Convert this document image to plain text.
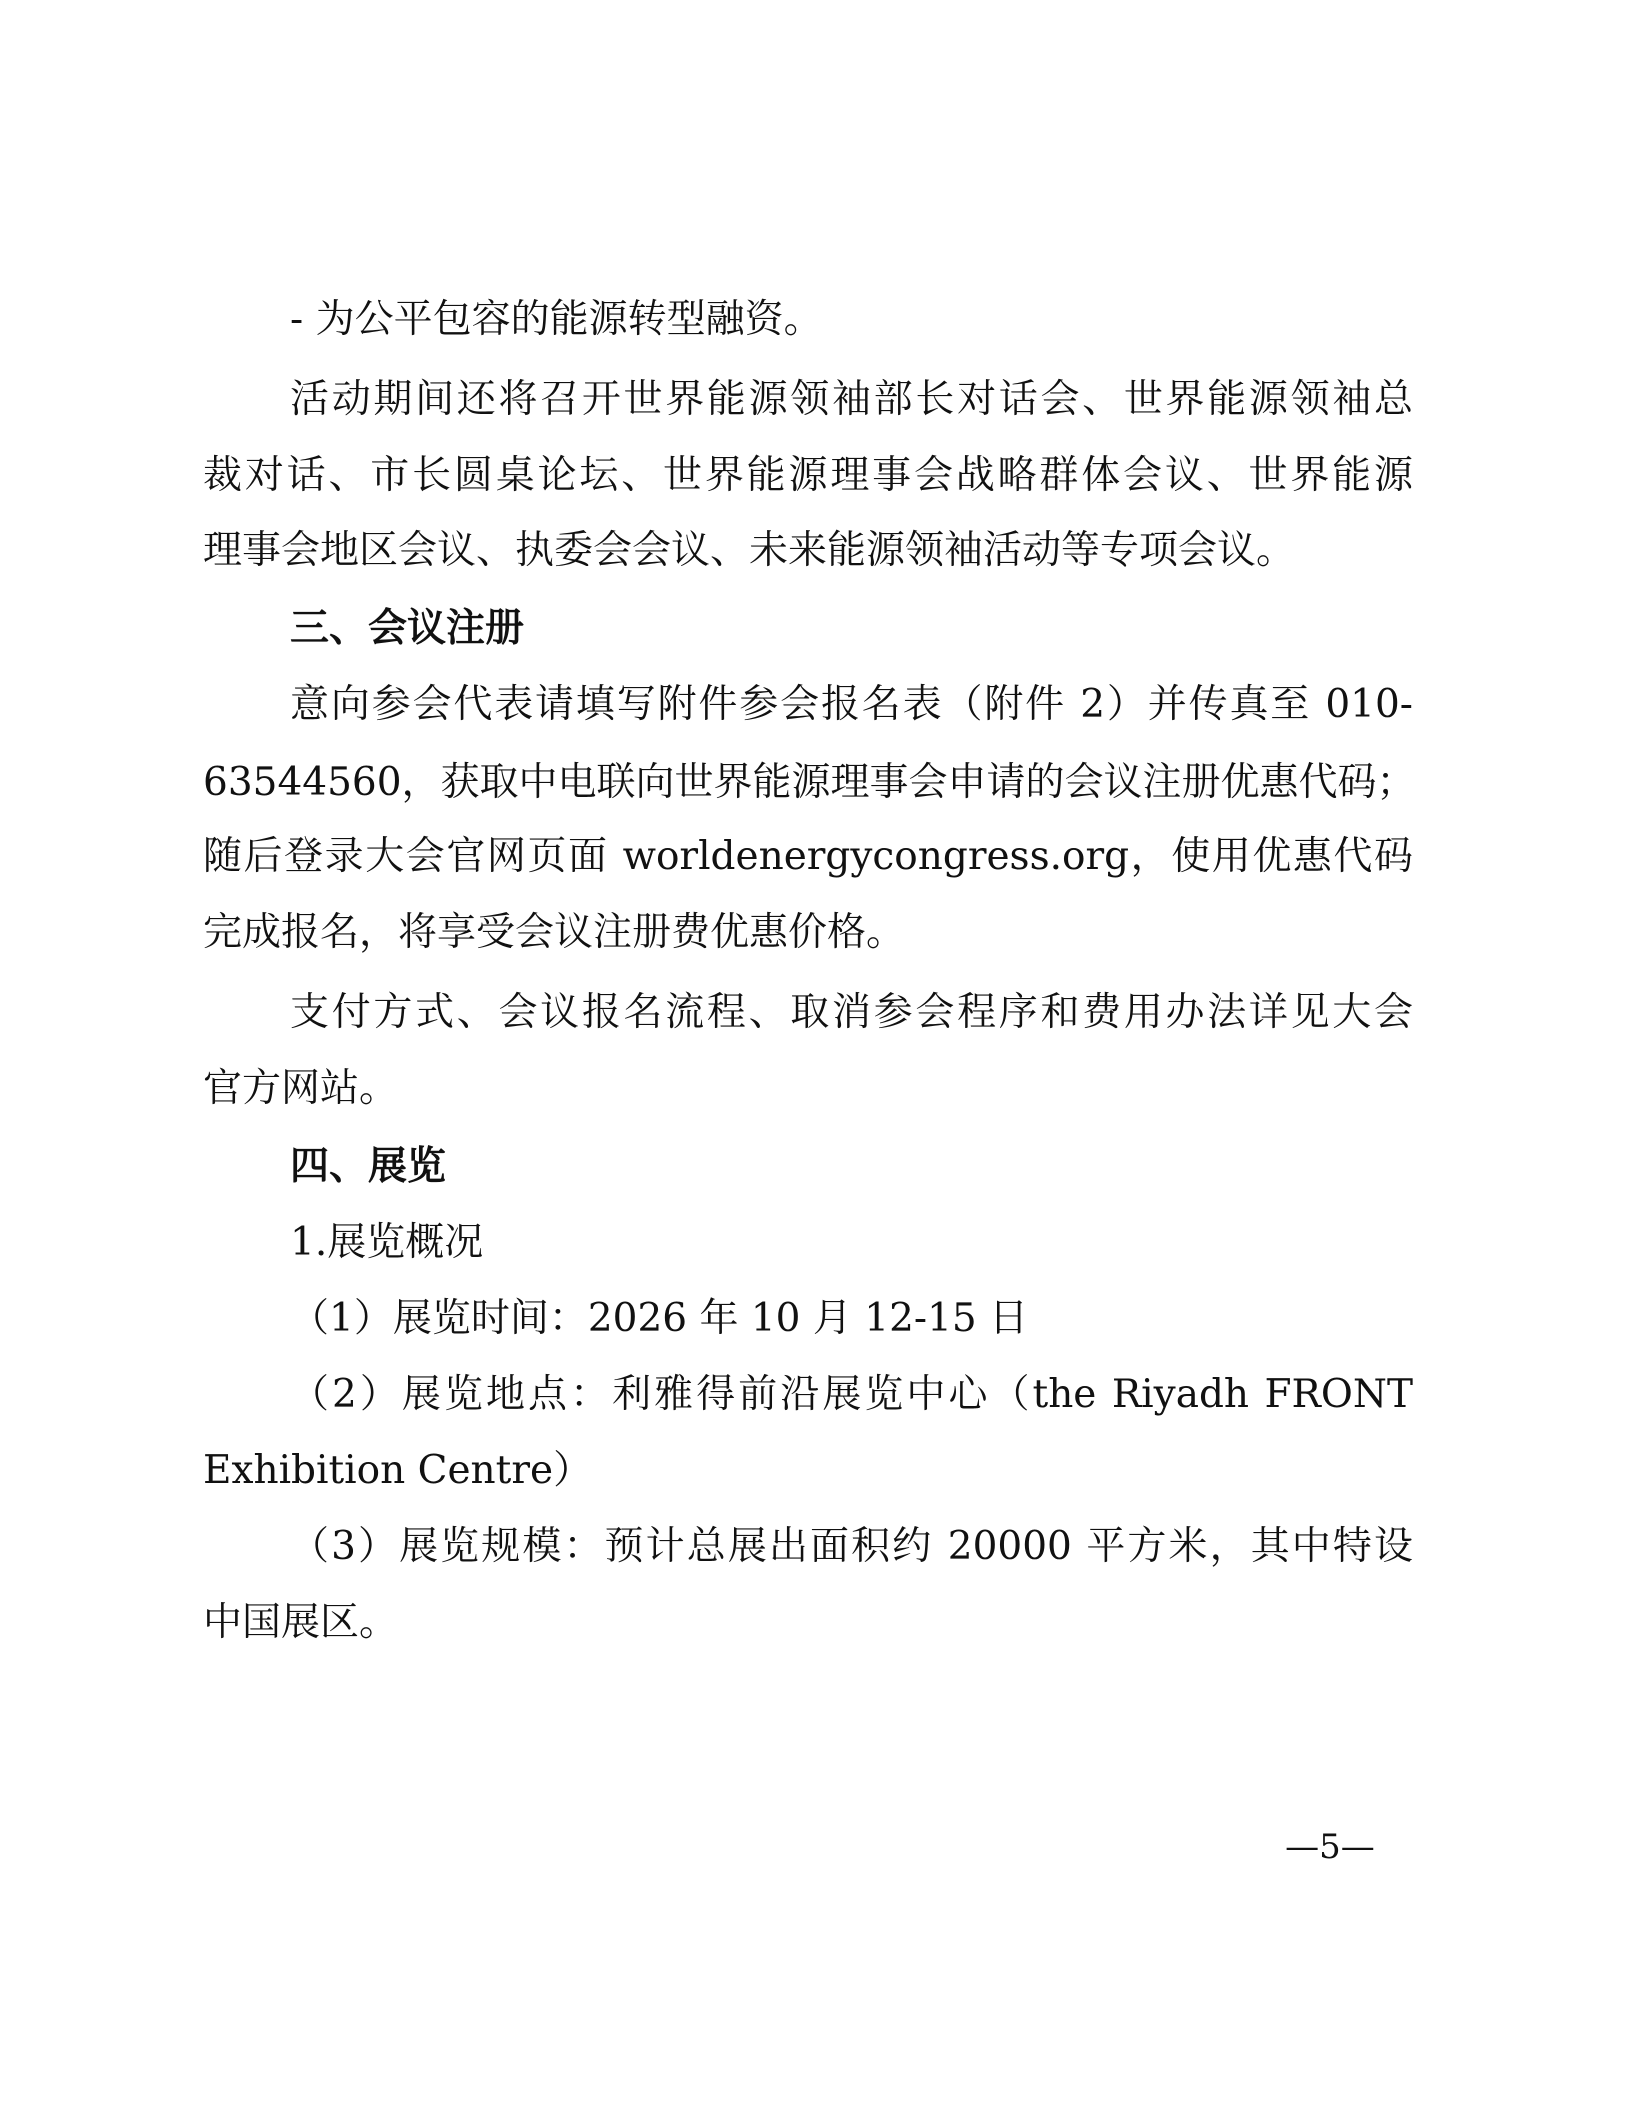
- 为公平包容的能源转型融资。
活动期间还将召开世界能源领袖部长对话会、世界能源领袖总
裁对话、市长圆桌论坛、世界能源理事会战略群体会议、世界能源
理事会地区会议、执委会会议、未来能源领袖活动等专项会议。
三、会议注册
意向参会代表请填写附件参会报名表（附件 2）并传真至 010-
63544560，获取中电联向世界能源理事会申请的会议注册优惠代码；
随后登录大会官网页面 worldenergycongress.org，使用优惠代码
完成报名，将享受会议注册费优惠价格。
支付方式、会议报名流程、取消参会程序和费用办法详见大会
官方网站。
四、展览
1.展览概况
（1）展览时间：2026 年 10 月 12-15 日
（2）展览地点：利雅得前沿展览中心（the Riyadh FRONT
Exhibition Centre）
（3）展览规模：预计总展出面积约 20000 平方米，其中特设
中国展区。
—5—
